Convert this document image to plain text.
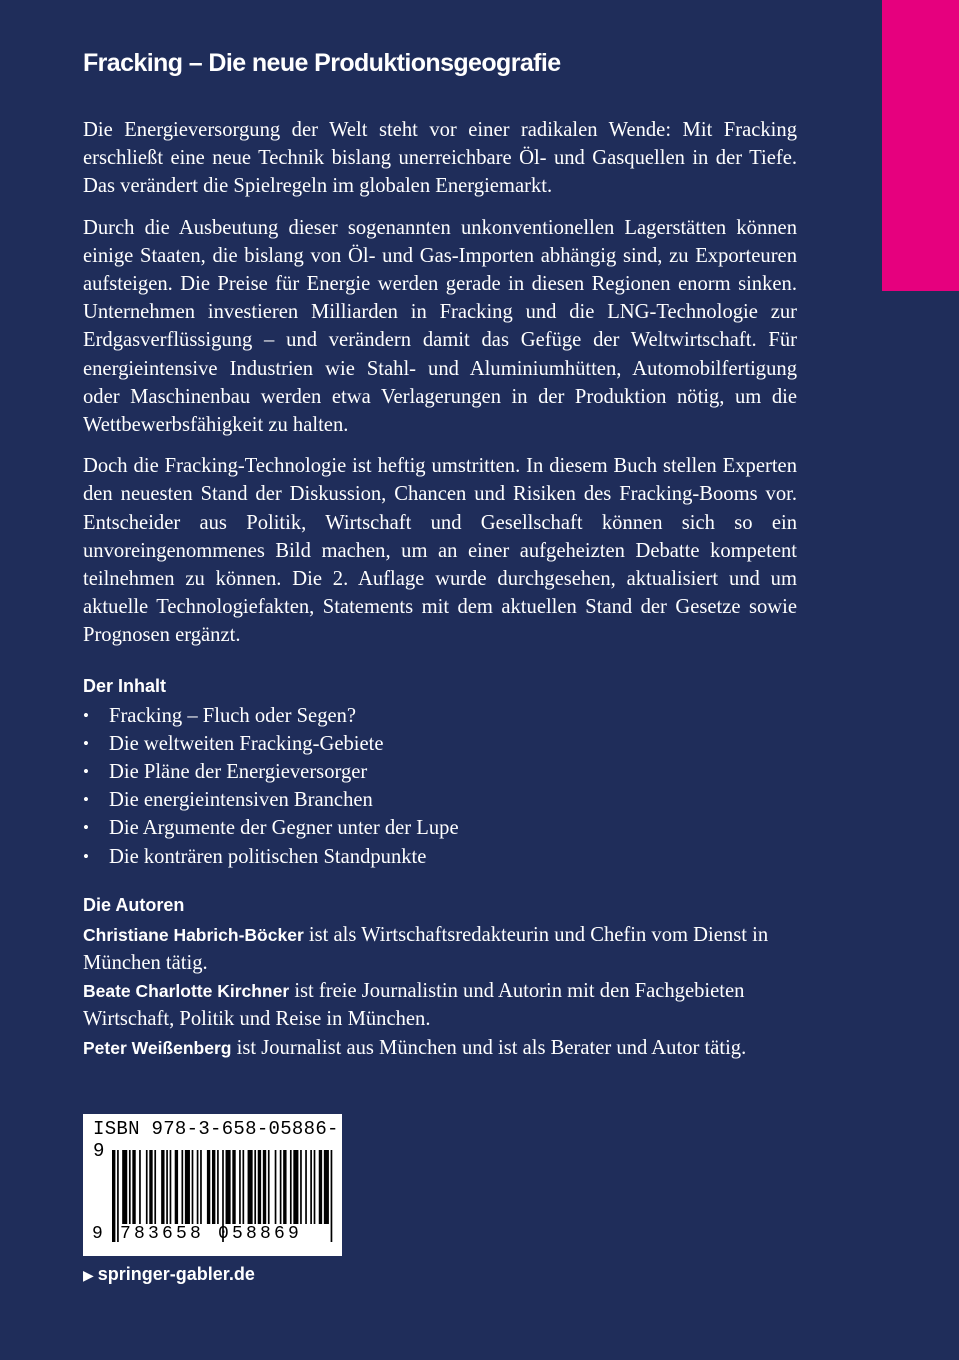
Fracking – Die neue Produktionsgeografie

Die Energieversorgung der Welt steht vor einer radikalen Wende: Mit Fracking erschließt eine neue Technik bislang unerreichbare Öl- und Gasquellen in der Tiefe. Das verändert die Spielregeln im globalen Energiemarkt.

Durch die Ausbeutung dieser sogenannten unkonventionellen Lagerstätten können einige Staaten, die bislang von Öl- und Gas-Importen abhängig sind, zu Exporteuren aufsteigen. Die Preise für Energie werden gerade in diesen Regionen enorm sinken. Unternehmen investieren Milliarden in Fracking und die LNG-Technologie zur Erdgasverflüssigung – und verändern damit das Gefüge der Weltwirtschaft. Für energieintensive Industrien wie Stahl- und Aluminiumhütten, Automobilfertigung oder Maschinenbau werden etwa Verlagerungen in der Produktion nötig, um die Wettbewerbsfähigkeit zu halten.

Doch die Fracking-Technologie ist heftig umstritten. In diesem Buch stellen Experten den neuesten Stand der Diskussion, Chancen und Risiken des Fracking-Booms vor. Entscheider aus Politik, Wirtschaft und Gesellschaft können sich so ein unvoreingenommenes Bild machen, um an einer aufgeheizten Debatte kompetent teilnehmen zu können. Die 2. Auflage wurde durchgesehen, aktualisiert und um aktuelle Technologiefakten, Statements mit dem aktuellen Stand der Gesetze sowie Prognosen ergänzt.

Der Inhalt
• Fracking – Fluch oder Segen?
• Die weltweiten Fracking-Gebiete
• Die Pläne der Energieversorger
• Die energieintensiven Branchen
• Die Argumente der Gegner unter der Lupe
• Die konträren politischen Standpunkte
Die Autoren

Christiane Habrich-Böcker ist als Wirtschaftsredakteurin und Chefin vom Dienst in München tätig.

Beate Charlotte Kirchner ist freie Journalistin und Autorin mit den Fachgebieten Wirtschaft, Politik und Reise in München.

Peter Weißenberg ist Journalist aus München und ist als Berater und Autor tätig.

ISBN 978-3-658-05886-9
9 783658 058869
▶ springer-gabler.de
